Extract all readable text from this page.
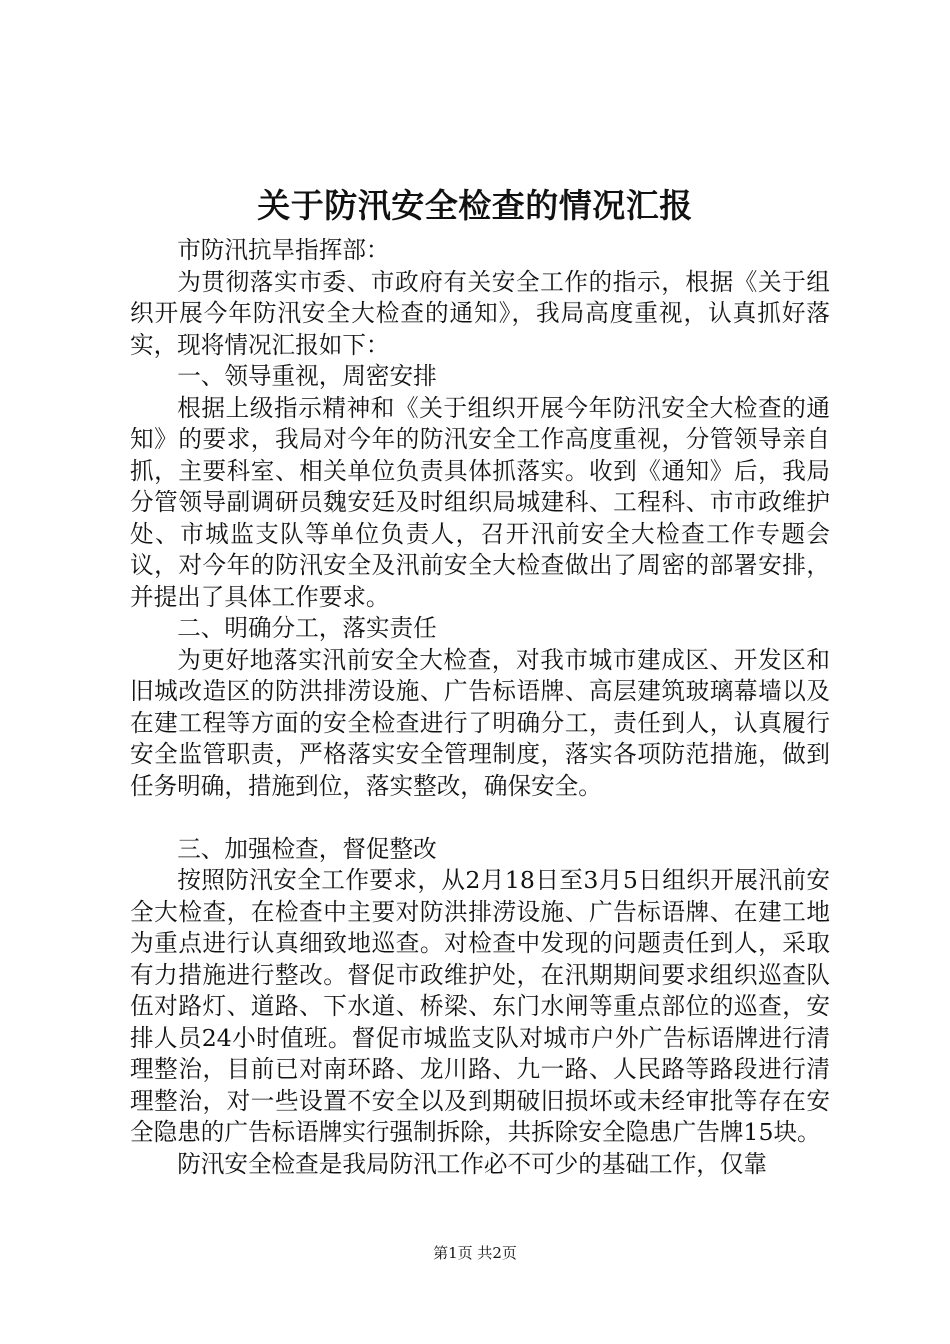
关于防汛安全检查的情况汇报

市防汛抗旱指挥部：

为贯彻落实市委、市政府有关安全工作的指示，根据《关于组织开展今年防汛安全大检查的通知》，我局高度重视，认真抓好落实，现将情况汇报如下：

一、领导重视，周密安排

根据上级指示精神和《关于组织开展今年防汛安全大检查的通知》的要求，我局对今年的防汛安全工作高度重视，分管领导亲自抓，主要科室、相关单位负责具体抓落实。收到《通知》后，我局分管领导副调研员魏安廷及时组织局城建科、工程科、市市政维护处、市城监支队等单位负责人，召开汛前安全大检查工作专题会议，对今年的防汛安全及汛前安全大检查做出了周密的部署安排，并提出了具体工作要求。

二、明确分工，落实责任

为更好地落实汛前安全大检查，对我市城市建成区、开发区和旧城改造区的防洪排涝设施、广告标语牌、高层建筑玻璃幕墙以及在建工程等方面的安全检查进行了明确分工，责任到人，认真履行安全监管职责，严格落实安全管理制度，落实各项防范措施，做到任务明确，措施到位，落实整改，确保安全。

三、加强检查，督促整改

按照防汛安全工作要求，从2月18日至3月5日组织开展汛前安全大检查，在检查中主要对防洪排涝设施、广告标语牌、在建工地为重点进行认真细致地巡查。对检查中发现的问题责任到人，采取有力措施进行整改。督促市政维护处，在汛期期间要求组织巡查队伍对路灯、道路、下水道、桥梁、东门水闸等重点部位的巡查，安排人员24小时值班。督促市城监支队对城市户外广告标语牌进行清理整治，目前已对南环路、龙川路、九一路、人民路等路段进行清理整治，对一些设置不安全以及到期破旧损坏或未经审批等存在安全隐患的广告标语牌实行强制拆除，共拆除安全隐患广告牌15块。

防汛安全检查是我局防汛工作必不可少的基础工作，仅靠

第1页 共2页
